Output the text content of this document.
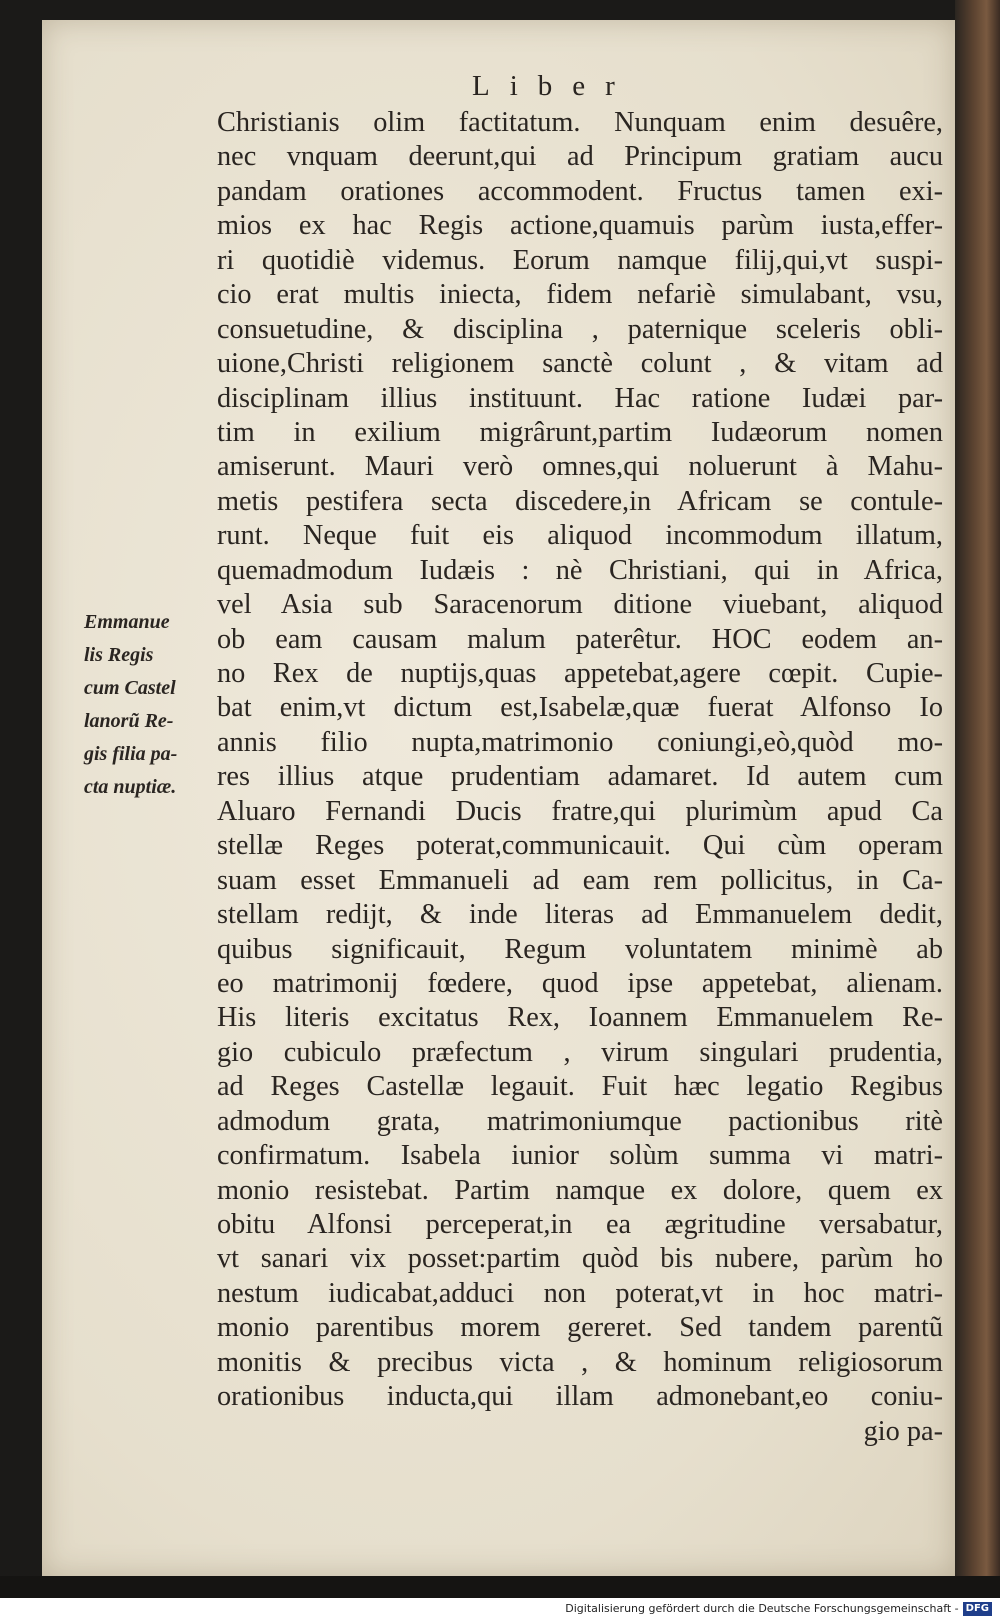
Liber
Christianis olim factitatum. Nunquam enim desuêre,
nec vnquam deerunt,qui ad Principum gratiam aucu
pandam orationes accommodent. Fructus tamen exi-
mios ex hac Regis actione,quamuis parùm iusta,effer-
ri quotidiè videmus. Eorum namque filij,qui,vt suspi-
cio erat multis iniecta, fidem nefariè simulabant, vsu,
consuetudine, & disciplina , paternique sceleris obli-
uione,Christi religionem sanctè colunt , & vitam ad
disciplinam illius instituunt. Hac ratione Iudæi par-
tim in exilium migrârunt,partim Iudæorum nomen
amiserunt. Mauri verò omnes,qui noluerunt à Mahu-
metis pestifera secta discedere,in Africam se contule-
runt. Neque fuit eis aliquod incommodum illatum,
quemadmodum Iudæis : nè Christiani, qui in Africa,
vel Asia sub Saracenorum ditione viuebant, aliquod
ob eam causam malum paterêtur. HOC eodem an-
no Rex de nuptijs,quas appetebat,agere cœpit. Cupie-
bat enim,vt dictum est,Isabelæ,quæ fuerat Alfonso Io
annis filio nupta,matrimonio coniungi,eò,quòd mo-
res illius atque prudentiam adamaret. Id autem cum
Aluaro Fernandi Ducis fratre,qui plurimùm apud Ca
stellæ Reges poterat,communicauit. Qui cùm operam
suam esset Emmanueli ad eam rem pollicitus, in Ca-
stellam redijt, & inde literas ad Emmanuelem dedit,
quibus significauit, Regum voluntatem minimè ab
eo matrimonij fœdere, quod ipse appetebat, alienam.
His literis excitatus Rex, Ioannem Emmanuelem Re-
gio cubiculo præfectum , virum singulari prudentia,
ad Reges Castellæ legauit. Fuit hæc legatio Regibus
admodum grata, matrimoniumque pactionibus ritè
confirmatum. Isabela iunior solùm summa vi matri-
monio resistebat. Partim namque ex dolore, quem ex
obitu Alfonsi perceperat,in ea ægritudine versabatur,
vt sanari vix posset:partim quòd bis nubere, parùm ho
nestum iudicabat,adduci non poterat,vt in hoc matri-
monio parentibus morem gereret. Sed tandem parentũ
monitis & precibus victa , & hominum religiosorum
orationibus inducta,qui illam admonebant,eo coniu-
gio pa-
Emmanue
lis Regis
cum Castel
lanorũ Re-
gis filia pa-
cta nuptiæ.
Digitalisierung gefördert durch die Deutsche Forschungsgemeinschaft - DFG
